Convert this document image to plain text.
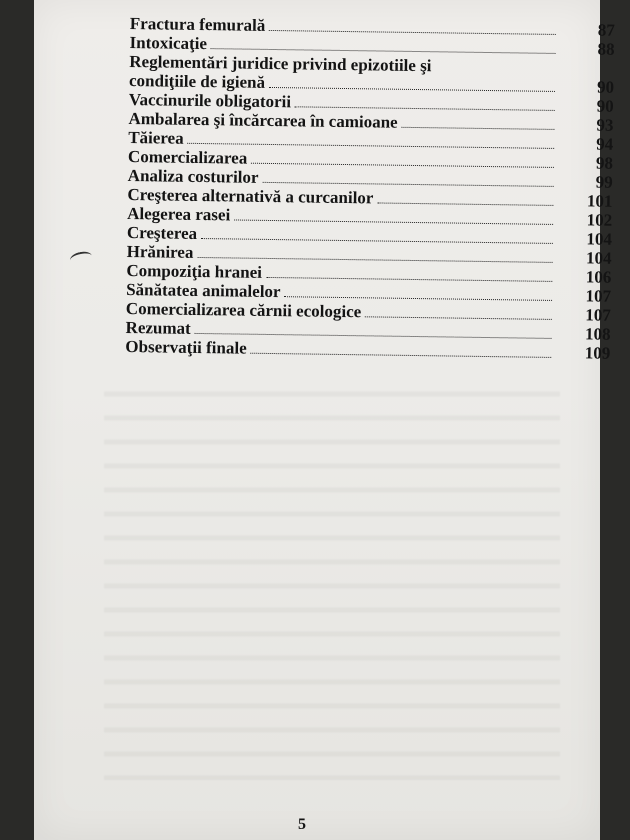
Fractura femurală	87
Intoxicaţie	88
Reglementări juridice privind epizotiile şi
condiţiile de igienă	90
Vaccinurile obligatorii	90
Ambalarea şi încărcarea în camioane	93
Tăierea	94
Comercializarea	98
Analiza costurilor	99
Creşterea alternativă a curcanilor	101
Alegerea rasei	102
Creşterea	104
Hrănirea	104
Compoziţia hranei	106
Sănătatea animalelor	107
Comercializarea cărnii ecologice	107
Rezumat	108
Observaţii finale	109
5
